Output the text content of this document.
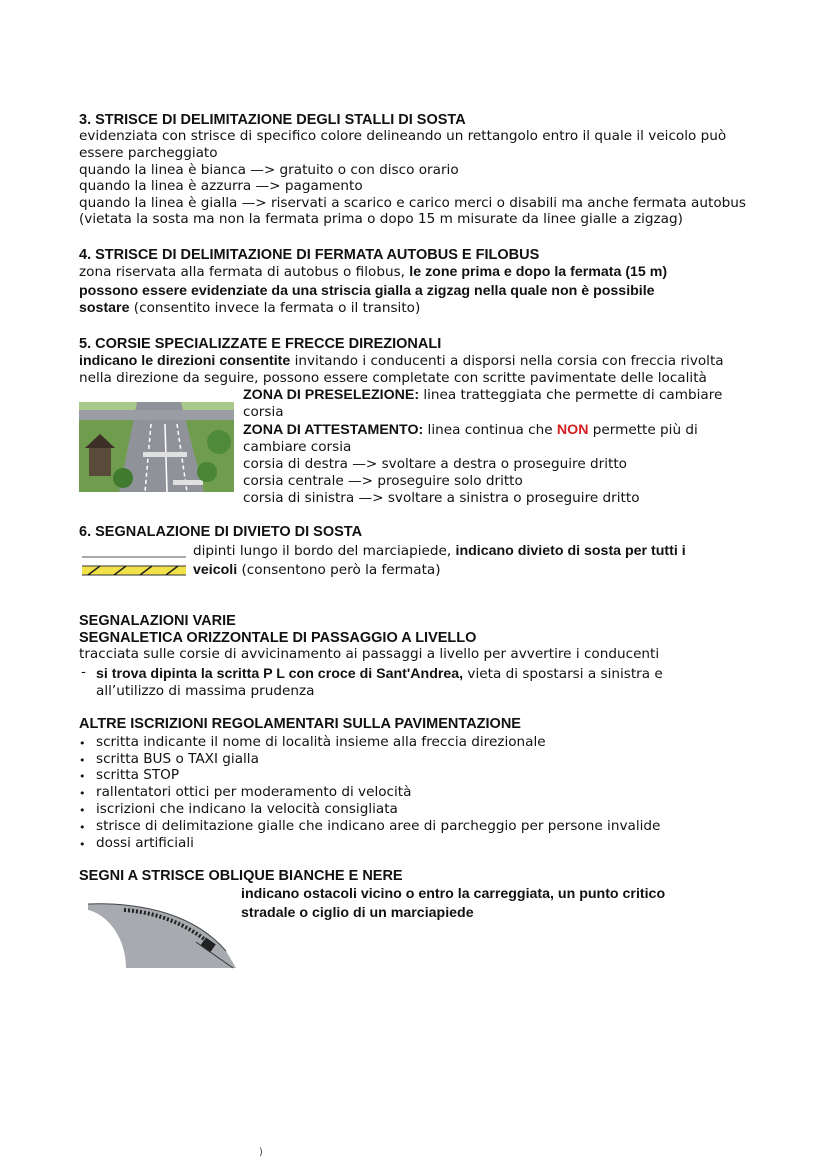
3. STRISCE DI DELIMITAZIONE DEGLI STALLI DI SOSTA
evidenziata con strisce di specifico colore delineando un rettangolo entro il quale il veicolo può
essere parcheggiato
quando la linea è bianca —> gratuito o con disco orario
quando la linea è azzurra —> pagamento
quando la linea è gialla —> riservati a scarico e carico merci o disabili ma anche fermata autobus
(vietata la sosta ma non la fermata prima o dopo 15 m misurate da linee gialle a zigzag)
4. STRISCE DI DELIMITAZIONE DI FERMATA AUTOBUS E FILOBUS
zona riservata alla fermata di autobus o filobus, le zone prima e dopo la fermata (15 m)
possono essere evidenziate da una striscia gialla a zigzag nella quale non è possibile
sostare (consentito invece la fermata o il transito)
5. CORSIE SPECIALIZZATE E FRECCE DIREZIONALI
indicano le direzioni consentite invitando i conducenti a disporsi nella corsia con freccia rivolta
nella direzione da seguire, possono essere completate con scritte pavimentate delle località
ZONA DI PRESELEZIONE: linea tratteggiata che permette di cambiare
corsia
ZONA DI ATTESTAMENTO: linea continua che NON permette più di
cambiare corsia
corsia di destra —> svoltare a destra o proseguire dritto
corsia centrale —> proseguire solo dritto
corsia di sinistra —> svoltare a sinistra o proseguire dritto
6. SEGNALAZIONE DI DIVIETO DI SOSTA
dipinti lungo il bordo del marciapiede, indicano divieto di sosta per tutti i
veicoli (consentono però la fermata)
SEGNALAZIONI VARIE
SEGNALETICA ORIZZONTALE DI PASSAGGIO A LIVELLO
tracciata sulle corsie di avvicinamento ai passaggi a livello per avvertire i conducenti
- si trova dipinta la scritta P L con croce di Sant'Andrea, vieta di spostarsi a sinistra e
all’utilizzo di massima prudenza
ALTRE ISCRIZIONI REGOLAMENTARI SULLA PAVIMENTAZIONE
• scritta indicante il nome di località insieme alla freccia direzionale
• scritta BUS o TAXI gialla
• scritta STOP
• rallentatori ottici per moderamento di velocità
• iscrizioni che indicano la velocità consigliata
• strisce di delimitazione gialle che indicano aree di parcheggio per persone invalide
• dossi artificiali
SEGNI A STRISCE OBLIQUE BIANCHE E NERE
indicano ostacoli vicino o entro la carreggiata, un punto critico
stradale o ciglio di un marciapiede
)
